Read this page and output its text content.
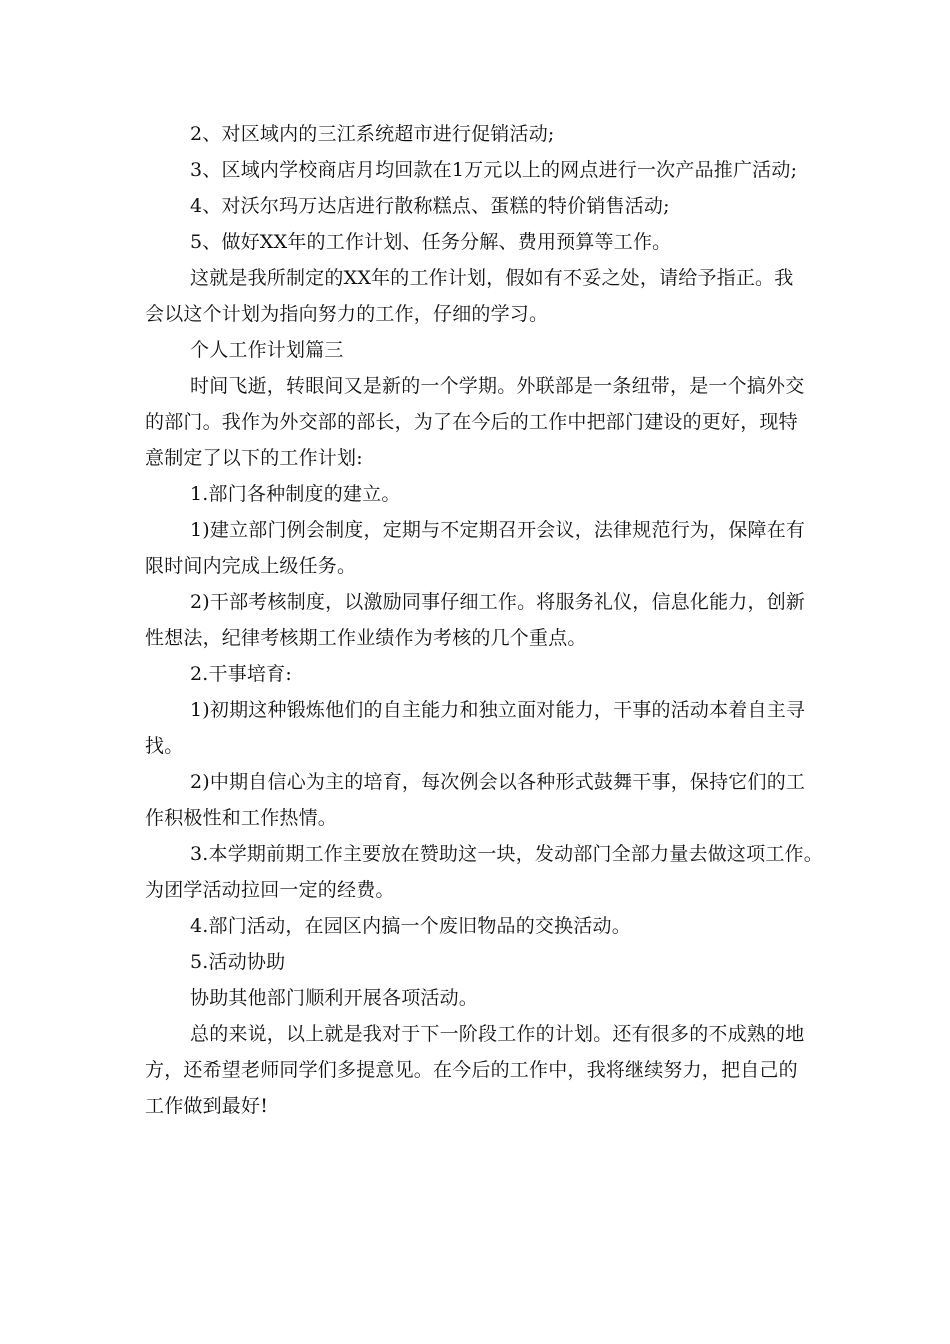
2、对区域内的三江系统超市进行促销活动;
3、区域内学校商店月均回款在1万元以上的网点进行一次产品推广活动;
4、对沃尔玛万达店进行散称糕点、蛋糕的特价销售活动;
5、做好XX年的工作计划、任务分解、费用预算等工作。
这就是我所制定的XX年的工作计划，假如有不妥之处，请给予指正。我
会以这个计划为指向努力的工作，仔细的学习。
个人工作计划篇三
时间飞逝，转眼间又是新的一个学期。外联部是一条纽带，是一个搞外交
的部门。我作为外交部的部长，为了在今后的工作中把部门建设的更好，现特
意制定了以下的工作计划:
1.部门各种制度的建立。
1)建立部门例会制度，定期与不定期召开会议，法律规范行为，保障在有
限时间内完成上级任务。
2)干部考核制度，以激励同事仔细工作。将服务礼仪，信息化能力，创新
性想法，纪律考核期工作业绩作为考核的几个重点。
2.干事培育:
1)初期这种锻炼他们的自主能力和独立面对能力，干事的活动本着自主寻
找。
2)中期自信心为主的培育，每次例会以各种形式鼓舞干事，保持它们的工
作积极性和工作热情。
3.本学期前期工作主要放在赞助这一块，发动部门全部力量去做这项工作。
为团学活动拉回一定的经费。
4.部门活动，在园区内搞一个废旧物品的交换活动。
5.活动协助
协助其他部门顺利开展各项活动。
总的来说，以上就是我对于下一阶段工作的计划。还有很多的不成熟的地
方，还希望老师同学们多提意见。在今后的工作中，我将继续努力，把自己的
工作做到最好!
